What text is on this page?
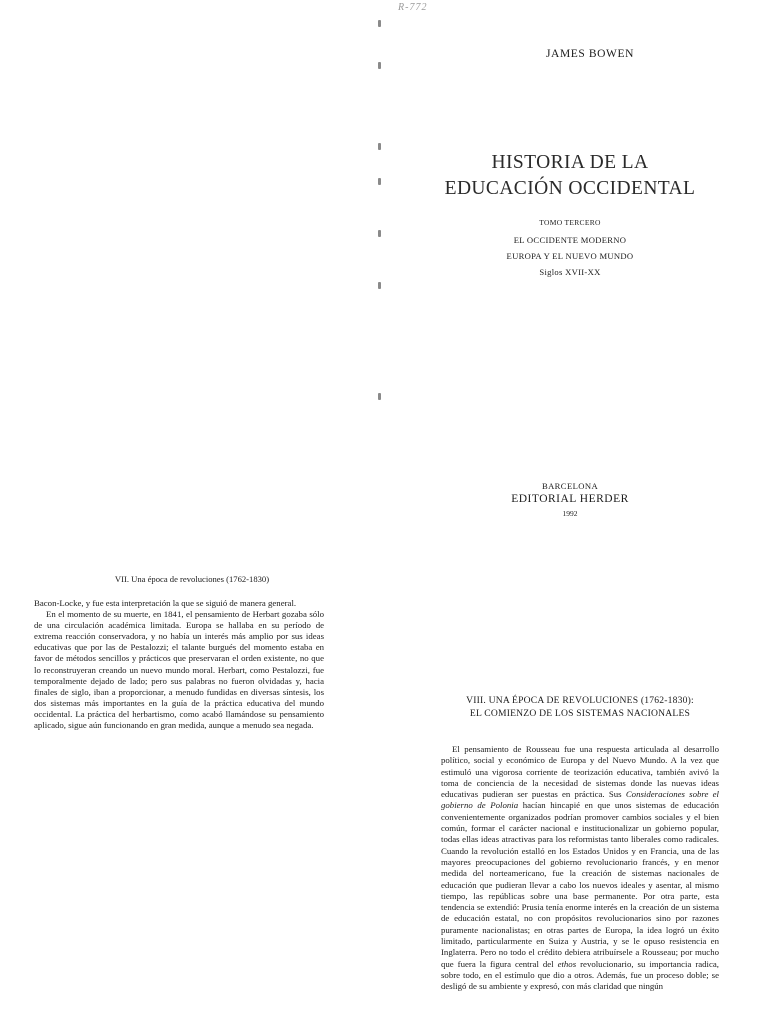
R-772
JAMES BOWEN
HISTORIA DE LA
EDUCACIÓN OCCIDENTAL
TOMO TERCERO
EL OCCIDENTE MODERNO
EUROPA Y EL NUEVO MUNDO
Siglos XVII-XX
BARCELONA
EDITORIAL HERDER
1992
VII. Una época de revoluciones (1762-1830)

Bacon-Locke, y fue esta interpretación la que se siguió de manera general.

En el momento de su muerte, en 1841, el pensamiento de Herbart gozaba sólo de una circulación académica limitada. Europa se hallaba en su período de extrema reacción conservadora, y no había un interés más amplio por sus ideas educativas que por las de Pestalozzi; el talante burgués del momento estaba en favor de métodos sencillos y prácticos que preservaran el orden existente, no que lo reconstruyeran creando un nuevo mundo moral. Herbart, como Pestalozzi, fue temporalmente dejado de lado; pero sus palabras no fueron olvidadas y, hacia finales de siglo, iban a proporcionar, a menudo fundidas en diversas síntesis, los dos sistemas más importantes en la guía de la práctica educativa del mundo occidental. La práctica del herbartismo, como acabó llamándose su pensamiento aplicado, sigue aún funcionando en gran medida, aunque a menudo sea negada.

VIII. UNA ÉPOCA DE REVOLUCIONES (1762-1830):
EL COMIENZO DE LOS SISTEMAS NACIONALES
El pensamiento de Rousseau fue una respuesta articulada al desarrollo político, social y económico de Europa y del Nuevo Mundo. A la vez que estimuló una vigorosa corriente de teorización educativa, también avivó la toma de conciencia de la necesidad de sistemas donde las nuevas ideas educativas pudieran ser puestas en práctica. Sus Consideraciones sobre el gobierno de Polonia hacían hincapié en que unos sistemas de educación convenientemente organizados podrían promover cambios sociales y el bien común, formar el carácter nacional e institucionalizar un gobierno popular, todas ellas ideas atractivas para los reformistas tanto liberales como radicales. Cuando la revolución estalló en los Estados Unidos y en Francia, una de las mayores preocupaciones del gobierno revolucionario francés, y en menor medida del norteamericano, fue la creación de sistemas nacionales de educación que pudieran llevar a cabo los nuevos ideales y asentar, al mismo tiempo, las repúblicas sobre una base permanente. Por otra parte, esta tendencia se extendió: Prusia tenía enorme interés en la creación de un sistema de educación estatal, no con propósitos revolucionarios sino por razones puramente nacionalistas; en otras partes de Europa, la idea logró un éxito limitado, particularmente en Suiza y Austria, y se le opuso resistencia en Inglaterra. Pero no todo el crédito debiera atribuírsele a Rousseau; por mucho que fuera la figura central del ethos revolucionario, su importancia radica, sobre todo, en el estímulo que dio a otros. Además, fue un proceso doble; se desligó de su ambiente y expresó, con más claridad que ningún
